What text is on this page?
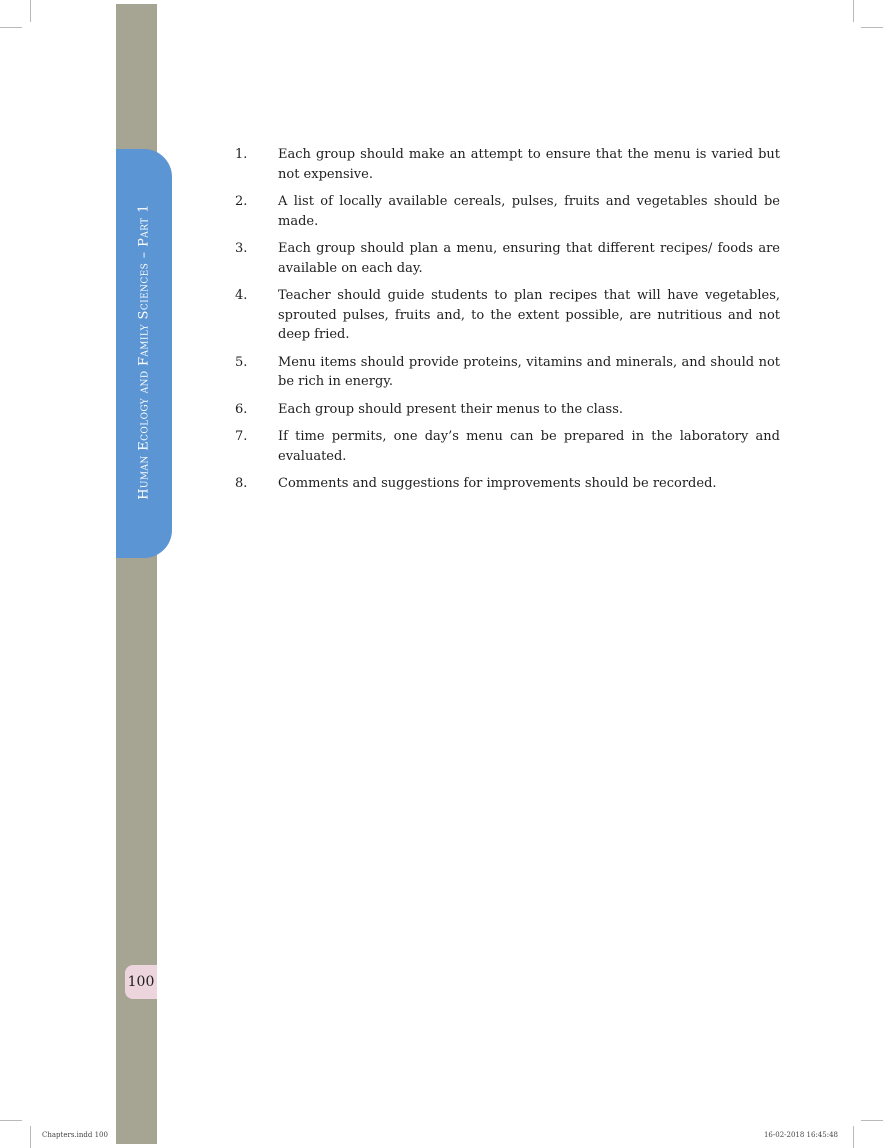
Human Ecology and Family Sciences – Part 1
100
1.	Each group should make an attempt to ensure that the menu is varied but not expensive.
2.	A list of locally available cereals, pulses, fruits and vegetables should be made.
3.	Each group should plan a menu, ensuring that different recipes/ foods are available on each day.
4.	Teacher should guide students to plan recipes that will have vegetables, sprouted pulses, fruits and, to the extent possible, are nutritious and not deep fried.
5.	Menu items should provide proteins, vitamins and minerals, and should not be rich in energy.
6.	Each group should present their menus to the class.
7.	If time permits, one day’s menu can be prepared in the laboratory and evaluated.
8.	Comments and suggestions for improvements should be recorded.
Chapters.indd 100	16-02-2018 16:45:48
